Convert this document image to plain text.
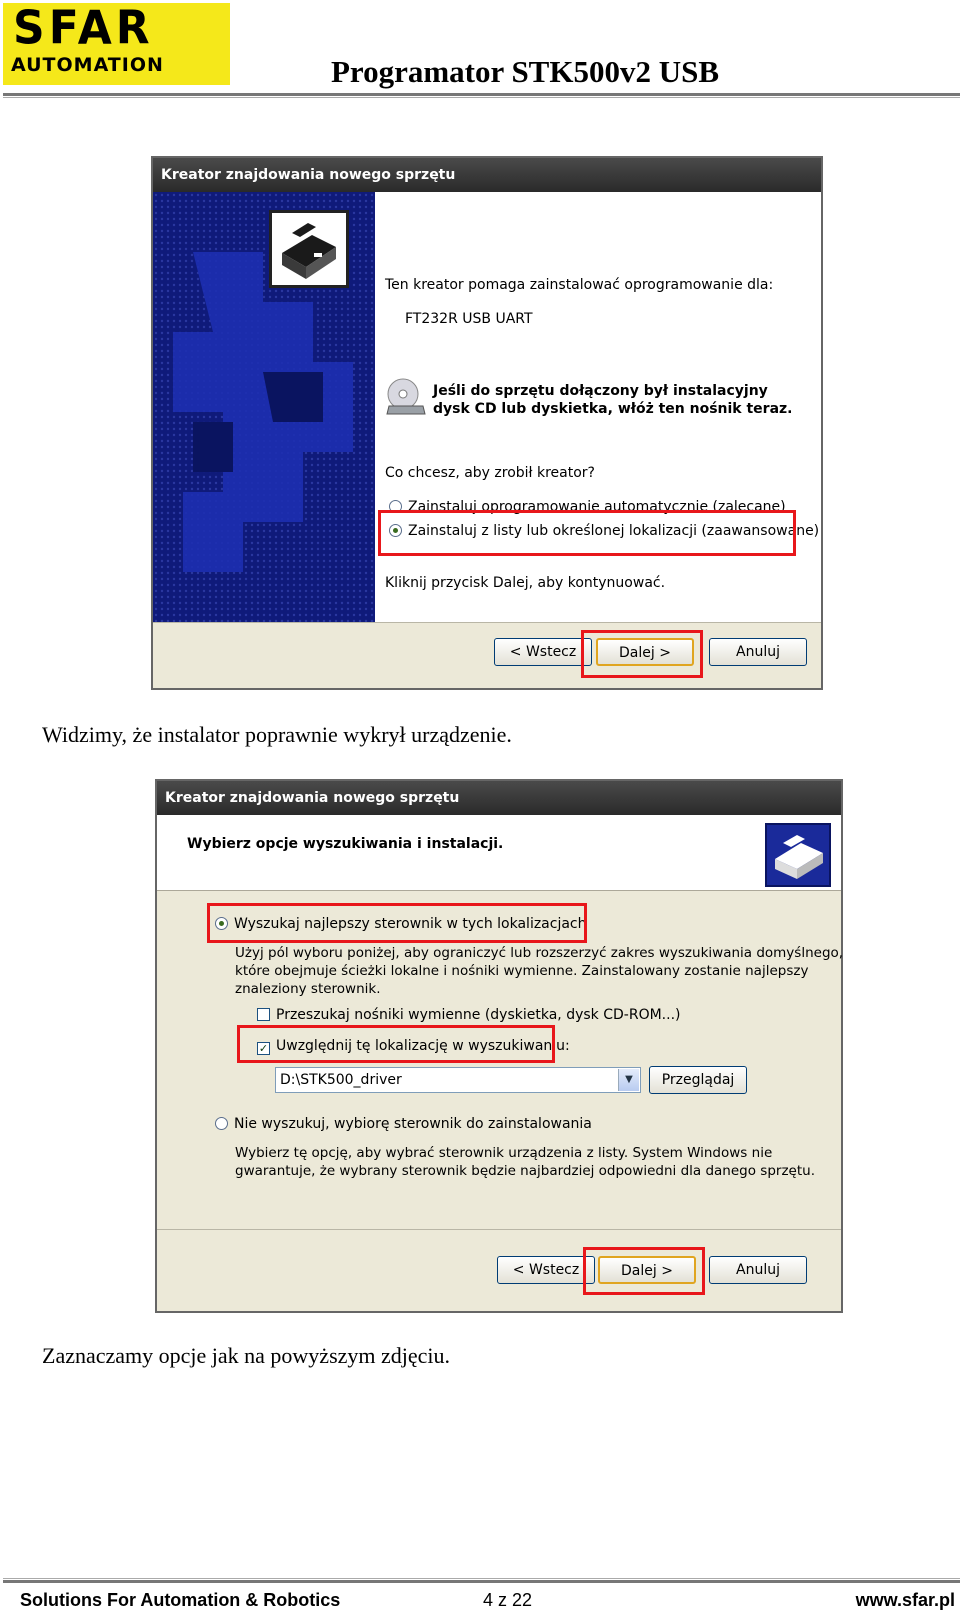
SFAR
AUTOMATION	Programator STK500v2 USB
Kreator znajdowania nowego sprzętu
Ten kreator pomaga zainstalować oprogramowanie dla:
FT232R USB UART
Jeśli do sprzętu dołączony był instalacyjny
dysk CD lub dyskietka, włóż ten nośnik teraz.
Co chcesz, aby zrobił kreator?
Zainstaluj oprogramowanie automatycznie (zalecane)
Zainstaluj z listy lub określonej lokalizacji (zaawansowane)
Kliknij przycisk Dalej, aby kontynuować.
< Wstecz	Dalej >	Anuluj
Widzimy, że instalator poprawnie wykrył urządzenie.
Kreator znajdowania nowego sprzętu
Wybierz opcje wyszukiwania i instalacji.
Wyszukaj najlepszy sterownik w tych lokalizacjach
Użyj pól wyboru poniżej, aby ograniczyć lub rozszerzyć zakres wyszukiwania domyślnego,
które obejmuje ścieżki lokalne i nośniki wymienne. Zainstalowany zostanie najlepszy
znaleziony sterownik.
Przeszukaj nośniki wymienne (dyskietka, dysk CD-ROM...)
✓ Uwzględnij tę lokalizację w wyszukiwaniu:
D:\STK500_driver	▼	Przeglądaj
Nie wyszukuj, wybiorę sterownik do zainstalowania
Wybierz tę opcję, aby wybrać sterownik urządzenia z listy. System Windows nie
gwarantuje, że wybrany sterownik będzie najbardziej odpowiedni dla danego sprzętu.
< Wstecz	Dalej >	Anuluj
Zaznaczamy opcje jak na powyższym zdjęciu.
Solutions For Automation & Robotics	4 z 22	www.sfar.pl
